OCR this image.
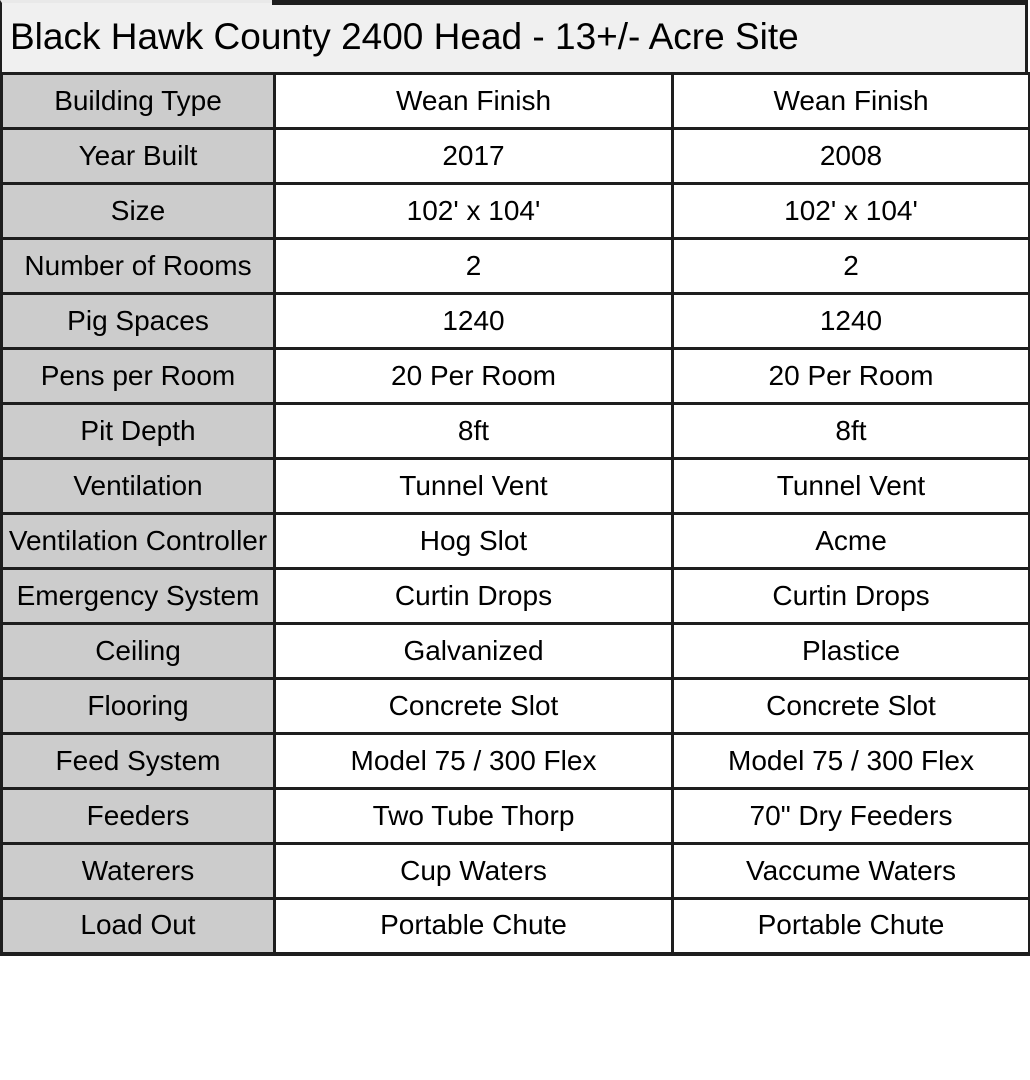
Black Hawk County 2400 Head - 13+/- Acre Site
Building Type	Wean Finish	Wean Finish
Year Built	2017	2008
Size	102' x 104'	102' x 104'
Number of Rooms	2	2
Pig Spaces	1240	1240
Pens per Room	20 Per Room	20 Per Room
Pit Depth	8ft	8ft
Ventilation	Tunnel Vent	Tunnel Vent
Ventilation Controller	Hog Slot	Acme
Emergency System	Curtin Drops	Curtin Drops
Ceiling	Galvanized	Plastice
Flooring	Concrete Slot	Concrete Slot
Feed System	Model 75 / 300 Flex	Model 75 / 300 Flex
Feeders	Two Tube Thorp	70" Dry Feeders
Waterers	Cup Waters	Vaccume Waters
Load Out	Portable Chute	Portable Chute
